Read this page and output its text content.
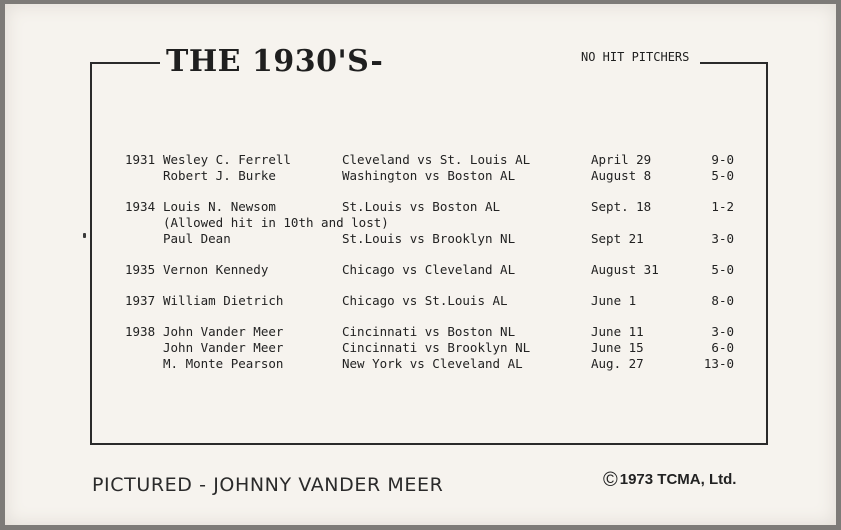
THE 1930'S-	NO HIT PITCHERS
1931 Wesley C. Ferrell	Cleveland vs St. Louis AL	April 29	9-0
Robert J. Burke	Washington vs Boston AL	August 8	5-0
1934 Louis N. Newsom	St.Louis vs Boston AL	Sept. 18	1-2
(Allowed hit in 10th and lost)
Paul Dean	St.Louis vs Brooklyn NL	Sept 21	3-0
1935 Vernon Kennedy	Chicago vs Cleveland AL	August 31	5-0
1937 William Dietrich	Chicago vs St.Louis AL	June 1	8-0
1938 John Vander Meer	Cincinnati vs Boston NL	June 11	3-0
John Vander Meer	Cincinnati vs Brooklyn NL	June 15	6-0
M. Monte Pearson	New York vs Cleveland AL	Aug. 27	13-0
PICTURED - JOHNNY VANDER MEER	© 1973 TCMA, Ltd.
